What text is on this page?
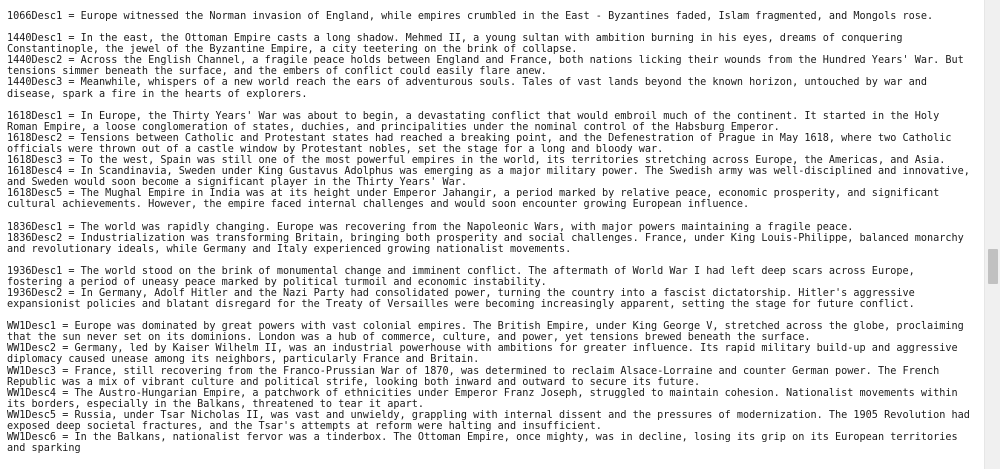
1066Desc1 = Europe witnessed the Norman invasion of England, while empires crumbled in the East - Byzantines faded, Islam fragmented, and Mongols rose.
1440Desc1 = In the east, the Ottoman Empire casts a long shadow. Mehmed II, a young sultan with ambition burning in his eyes, dreams of conquering Constantinople, the jewel of the Byzantine Empire, a city teetering on the brink of collapse.
1440Desc2 = Across the English Channel, a fragile peace holds between England and France, both nations licking their wounds from the Hundred Years' War. But tensions simmer beneath the surface, and the embers of conflict could easily flare anew.
1440Desc3 = Meanwhile, whispers of a new world reach the ears of adventurous souls. Tales of vast lands beyond the known horizon, untouched by war and disease, spark a fire in the hearts of explorers.
1618Desc1 = In Europe, the Thirty Years' War was about to begin, a devastating conflict that would embroil much of the continent. It started in the Holy Roman Empire, a loose conglomeration of states, duchies, and principalities under the nominal control of the Habsburg Emperor.
1618Desc2 = Tensions between Catholic and Protestant states had reached a breaking point, and the Defenestration of Prague in May 1618, where two Catholic officials were thrown out of a castle window by Protestant nobles, set the stage for a long and bloody war.
1618Desc3 = To the west, Spain was still one of the most powerful empires in the world, its territories stretching across Europe, the Americas, and Asia.
1618Desc4 = In Scandinavia, Sweden under King Gustavus Adolphus was emerging as a major military power. The Swedish army was well-disciplined and innovative, and Sweden would soon become a significant player in the Thirty Years' War.
1618Desc5 = The Mughal Empire in India was at its height under Emperor Jahangir, a period marked by relative peace, economic prosperity, and significant cultural achievements. However, the empire faced internal challenges and would soon encounter growing European influence.
1836Desc1 = The world was rapidly changing. Europe was recovering from the Napoleonic Wars, with major powers maintaining a fragile peace.
1836Desc2 = Industrialization was transforming Britain, bringing both prosperity and social challenges. France, under King Louis-Philippe, balanced monarchy and revolutionary ideals, while Germany and Italy experienced growing nationalist movements.
1936Desc1 = The world stood on the brink of monumental change and imminent conflict. The aftermath of World War I had left deep scars across Europe, fostering a period of uneasy peace marked by political turmoil and economic instability.
1936Desc2 = In Germany, Adolf Hitler and the Nazi Party had consolidated power, turning the country into a fascist dictatorship. Hitler's aggressive expansionist policies and blatant disregard for the Treaty of Versailles were becoming increasingly apparent, setting the stage for future conflict.
WW1Desc1 = Europe was dominated by great powers with vast colonial empires. The British Empire, under King George V, stretched across the globe, proclaiming that the sun never set on its dominions. London was a hub of commerce, culture, and power, yet tensions brewed beneath the surface.
WW1Desc2 = Germany, led by Kaiser Wilhelm II, was an industrial powerhouse with ambitions for greater influence. Its rapid military build-up and aggressive diplomacy caused unease among its neighbors, particularly France and Britain.
WW1Desc3 = France, still recovering from the Franco-Prussian War of 1870, was determined to reclaim Alsace-Lorraine and counter German power. The French Republic was a mix of vibrant culture and political strife, looking both inward and outward to secure its future.
WW1Desc4 = The Austro-Hungarian Empire, a patchwork of ethnicities under Emperor Franz Joseph, struggled to maintain cohesion. Nationalist movements within its borders, especially in the Balkans, threatened to tear it apart.
WW1Desc5 = Russia, under Tsar Nicholas II, was vast and unwieldy, grappling with internal dissent and the pressures of modernization. The 1905 Revolution had exposed deep societal fractures, and the Tsar's attempts at reform were halting and insufficient.
WW1Desc6 = In the Balkans, nationalist fervor was a tinderbox. The Ottoman Empire, once mighty, was in decline, losing its grip on its European territories and sparking
